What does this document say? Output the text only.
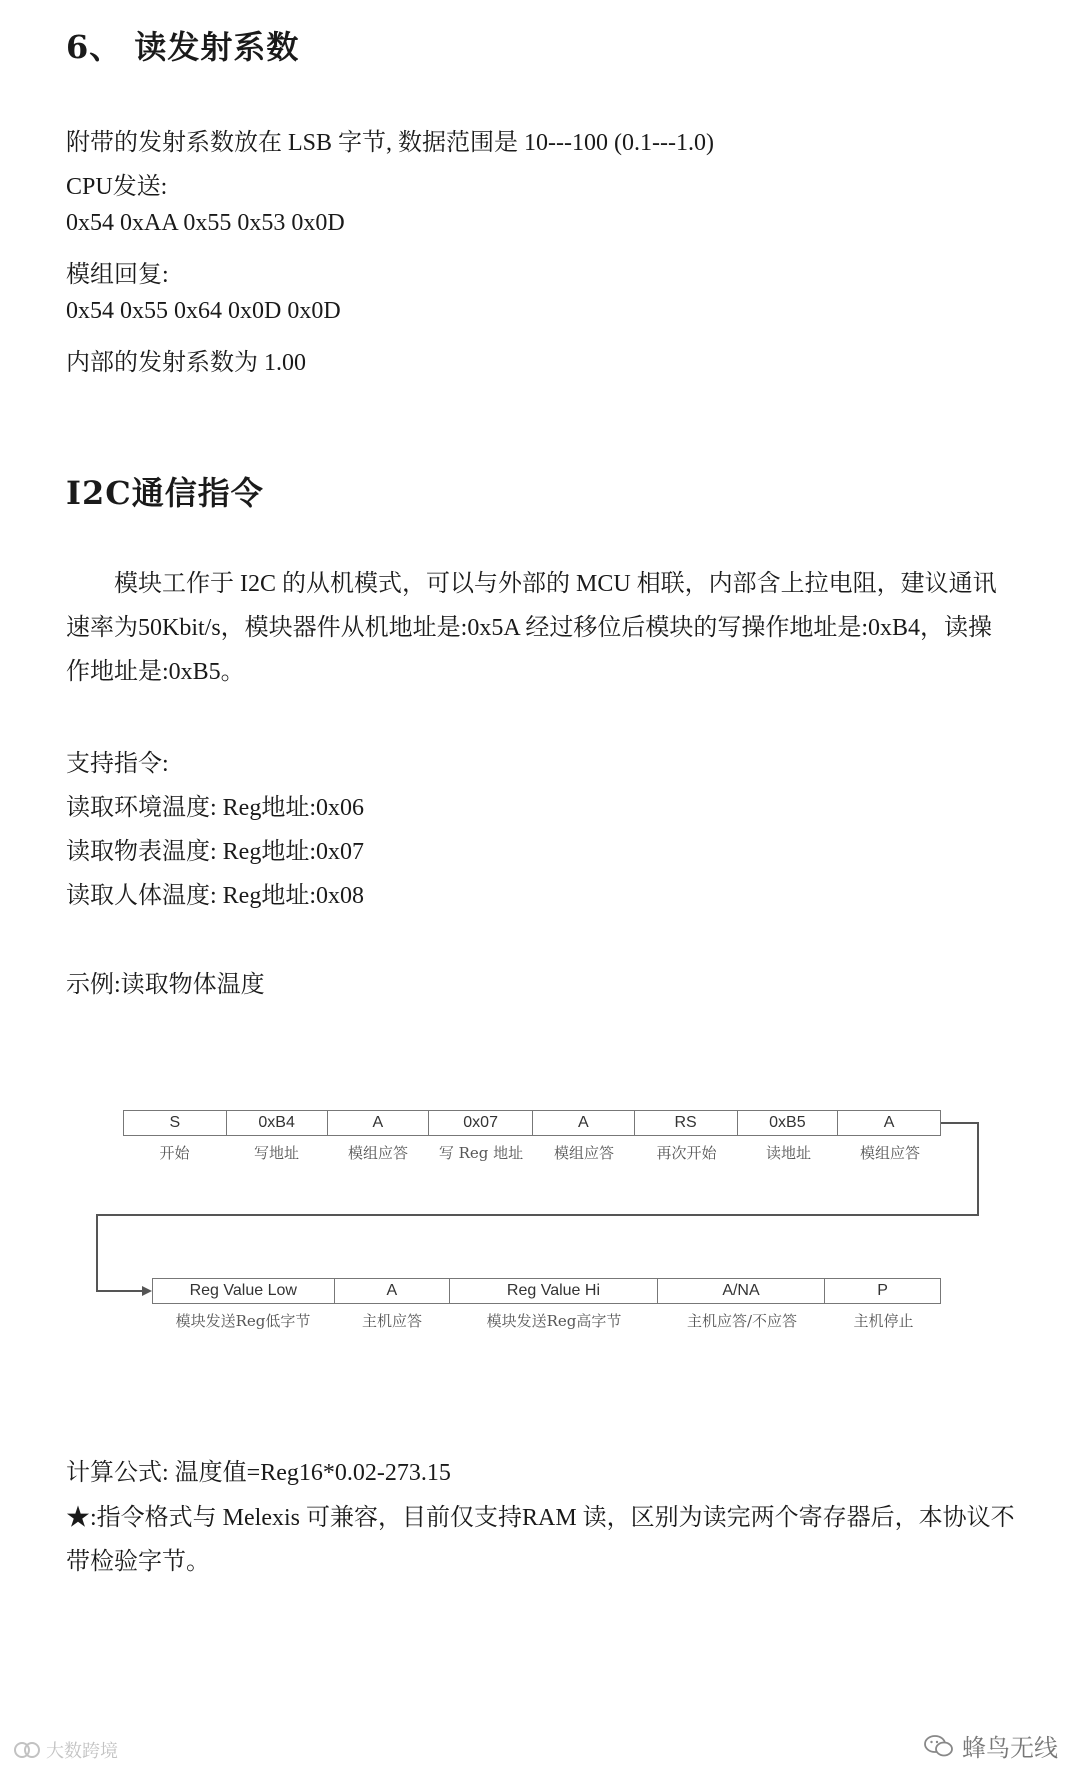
6、 读发射系数

附带的发射系数放在 LSB 字节, 数据范围是 10---100 (0.1---1.0)

CPU发送:

0x54 0xAA 0x55 0x53 0x0D

模组回复:

0x54 0x55 0x64 0x0D 0x0D

内部的发射系数为 1.00

I2C通信指令

模块工作于 I2C 的从机模式，可以与外部的 MCU 相联，内部含上拉电阻，建议通讯速率为50Kbit/s，模块器件从机地址是:0x5A 经过移位后模块的写操作地址是:0xB4，读操作地址是:0xB5。

支持指令:

读取环境温度: Reg地址:0x06

读取物表温度: Reg地址:0x07

读取人体温度: Reg地址:0x08

示例:读取物体温度

S	0xB4	A	0x07	A	RS	0xB5	A
开始	写地址	模组应答	写 Reg 地址	模组应答	再次开始	读地址	模组应答
Reg Value Low	A	Reg Value Hi	A/NA	P
模块发送Reg低字节	主机应答	模块发送Reg高字节	主机应答/不应答	主机停止

计算公式: 温度值=Reg16*0.02-273.15

★:指令格式与 Melexis 可兼容，目前仅支持RAM 读，区别为读完两个寄存器后，本协议不带检验字节。

大数跨境	蜂鸟无线
